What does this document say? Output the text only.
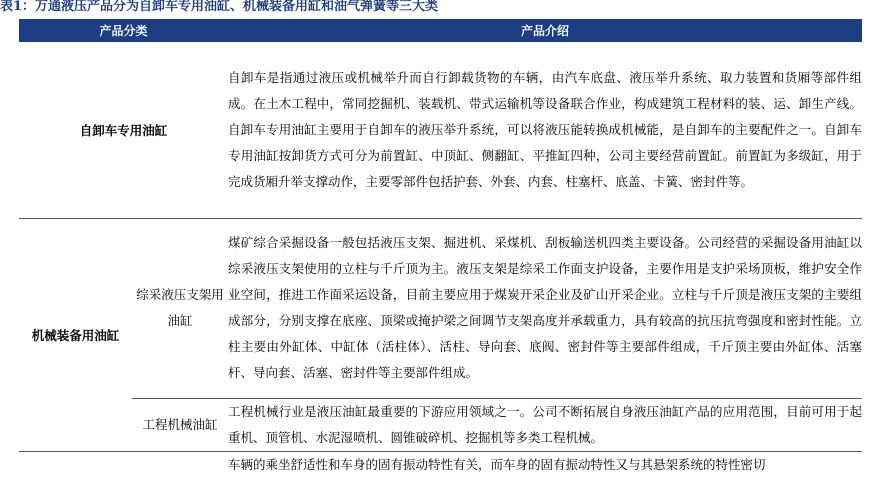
表1：万通液压产品分为自卸车专用油缸、机械装备用缸和油气弹簧等三大类
产品分类		产品介绍
自卸车专用油缸		自卸车是指通过液压或机械举升而自行卸载货物的车辆，由汽车底盘、液压举升系统、取力装置和货厢等部件组成。在土木工程中，常同挖掘机、装载机、带式运输机等设备联合作业，构成建筑工程材料的装、运、卸生产线。自卸车专用油缸主要用于自卸车的液压举升系统，可以将液压能转换成机械能，是自卸车的主要配件之一。自卸车专用油缸按卸货方式可分为前置缸、中顶缸、侧翻缸、平推缸四种，公司主要经营前置缸。前置缸为多级缸，用于完成货厢升举支撑动作，主要零部件包括护套、外套、内套、柱塞杆、底盖、卡簧、密封件等。

机械装备用油缸	综采液压支架用油缸	煤矿综合采掘设备一般包括液压支架、掘进机、采煤机、刮板输送机四类主要设备。公司经营的采掘设备用油缸以综采液压支架使用的立柱与千斤顶为主。液压支架是综采工作面支护设备，主要作用是支护采场顶板，维护安全作业空间，推进工作面采运设备，目前主要应用于煤炭开采企业及矿山开采企业。立柱与千斤顶是液压支架的主要组成部分，分别支撑在底座、顶梁或掩护梁之间调节支架高度并承载重力，具有较高的抗压抗弯强度和密封性能。立柱主要由外缸体、中缸体（活柱体）、活柱、导向套、底阀、密封件等主要部件组成，千斤顶主要由外缸体、活塞杆、导向套、活塞、密封件等主要部件组成。

	工程机械油缸	工程机械行业是液压油缸最重要的下游应用领域之一。公司不断拓展自身液压油缸产品的应用范围，目前可用于起重机、顶管机、水泥湿喷机、圆锥破碎机、挖掘机等多类工程机械。

		车辆的乘坐舒适性和车身的固有振动特性有关，而车身的固有振动特性又与其悬架系统的特性密切
